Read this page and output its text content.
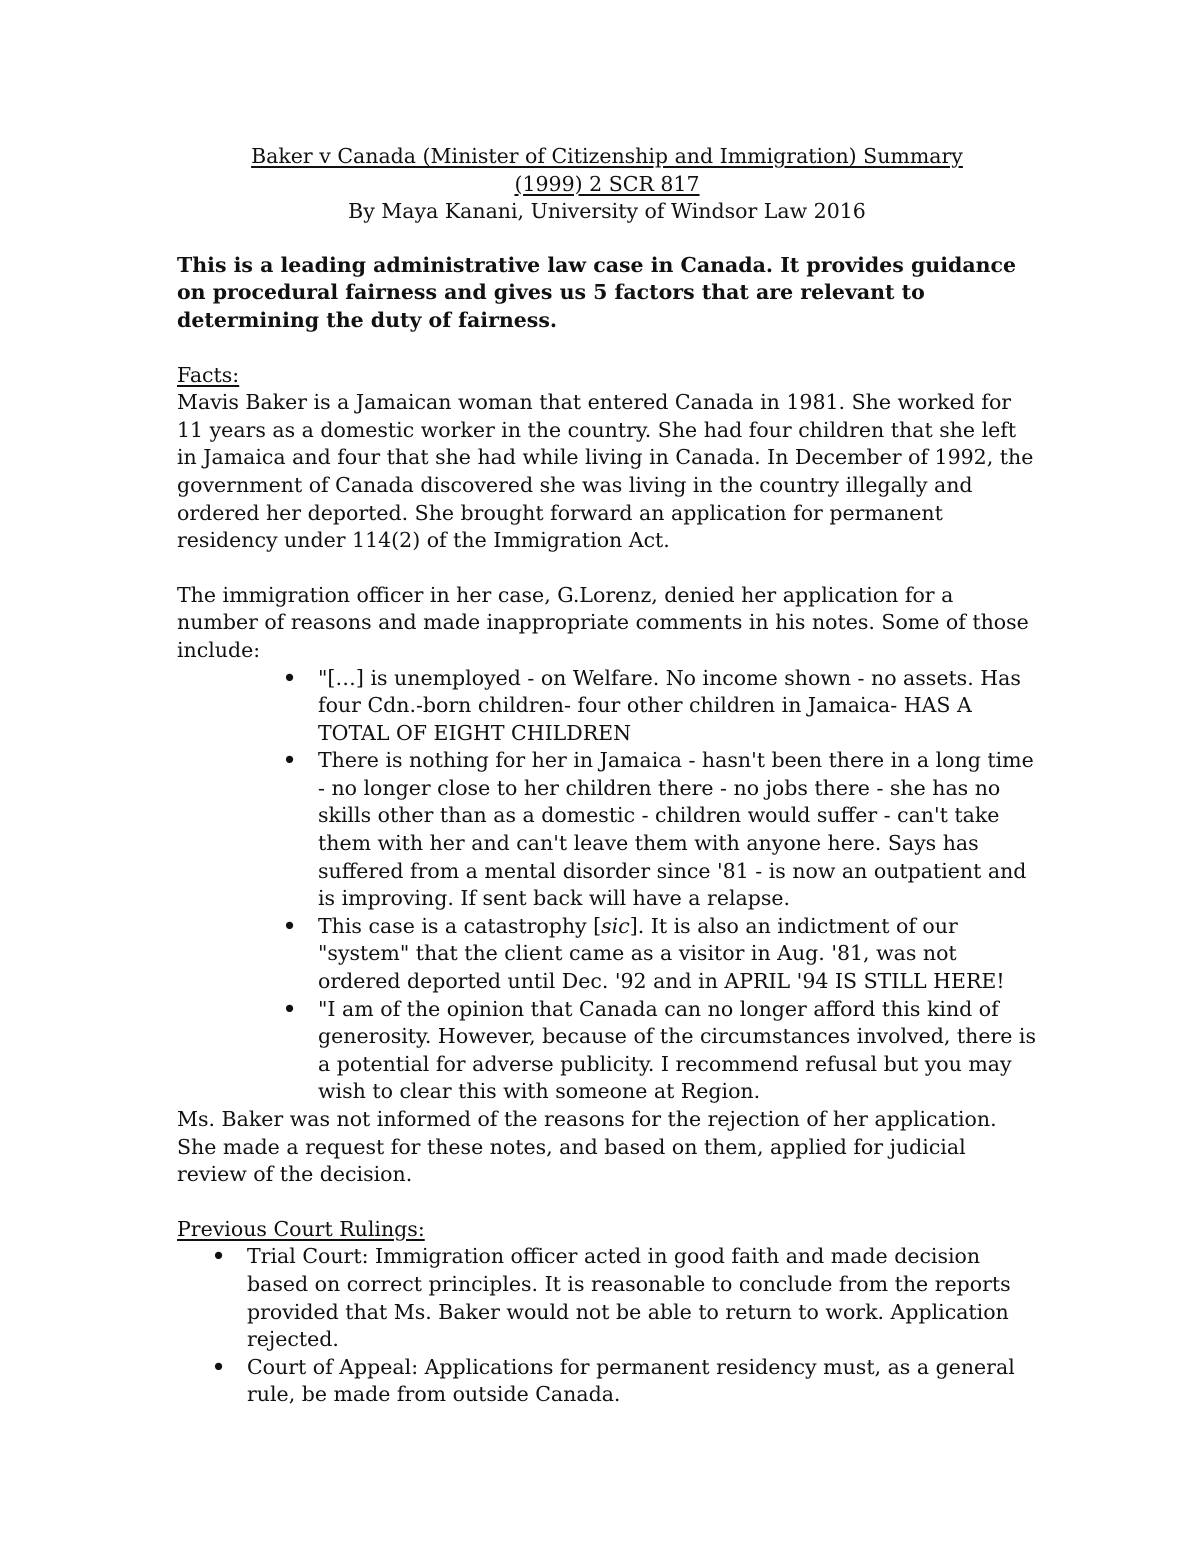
Baker v Canada (Minister of Citizenship and Immigration) Summary
(1999) 2 SCR 817
By Maya Kanani, University of Windsor Law 2016

This is a leading administrative law case in Canada. It provides guidance on procedural fairness and gives us 5 factors that are relevant to determining the duty of fairness.

Facts:

Mavis Baker is a Jamaican woman that entered Canada in 1981. She worked for 11 years as a domestic worker in the country. She had four children that she left in Jamaica and four that she had while living in Canada. In December of 1992, the government of Canada discovered she was living in the country illegally and ordered her deported. She brought forward an application for permanent residency under 114(2) of the Immigration Act.

The immigration officer in her case, G.Lorenz, denied her application for a number of reasons and made inappropriate comments in his notes. Some of those include:

• "[…] is unemployed - on Welfare. No income shown - no assets. Has four Cdn.-born children- four other children in Jamaica- HAS A TOTAL OF EIGHT CHILDREN
• There is nothing for her in Jamaica - hasn't been there in a long time - no longer close to her children there - no jobs there - she has no skills other than as a domestic - children would suffer - can't take them with her and can't leave them with anyone here. Says has suffered from a mental disorder since '81 - is now an outpatient and is improving. If sent back will have a relapse.
• This case is a catastrophy [sic]. It is also an indictment of our "system" that the client came as a visitor in Aug. '81, was not ordered deported until Dec. '92 and in APRIL '94 IS STILL HERE!
• "I am of the opinion that Canada can no longer afford this kind of generosity. However, because of the circumstances involved, there is a potential for adverse publicity. I recommend refusal but you may wish to clear this with someone at Region.

Ms. Baker was not informed of the reasons for the rejection of her application. She made a request for these notes, and based on them, applied for judicial review of the decision.

Previous Court Rulings:
• Trial Court: Immigration officer acted in good faith and made decision based on correct principles. It is reasonable to conclude from the reports provided that Ms. Baker would not be able to return to work. Application rejected.
• Court of Appeal: Applications for permanent residency must, as a general rule, be made from outside Canada.
